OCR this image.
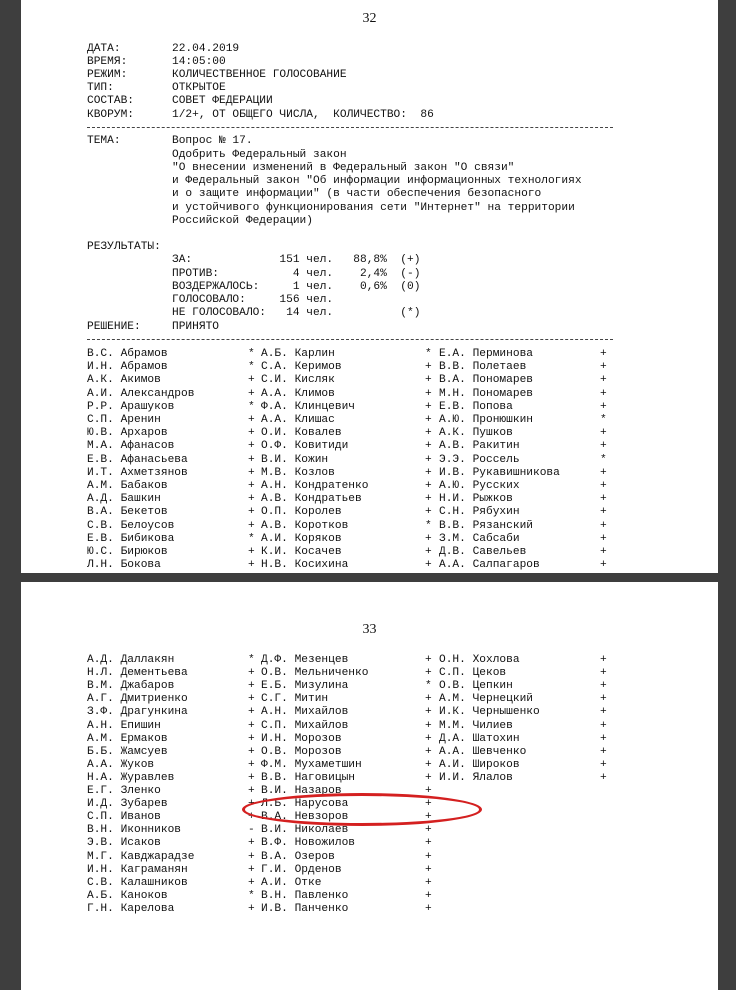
32
ДАТА:	22.04.2019
ВРЕМЯ:	14:05:00
РЕЖИМ:	КОЛИЧЕСТВЕННОЕ ГОЛОСОВАНИЕ
ТИП:	ОТКРЫТОЕ
СОСТАВ:	СОВЕТ ФЕДЕРАЦИИ
КВОРУМ:	1/2+, ОТ ОБЩЕГО ЧИСЛА,  КОЛИЧЕСТВО:  86
ТЕМА:	Вопрос № 17.
Одобрить Федеральный закон
"О внесении изменений в Федеральный закон "О связи"
и Федеральный закон "Об информации информационных технологиях
и о защите информации" (в части обеспечения безопасного
и устойчивого функционирования сети "Интернет" на территории
Российской Федерации)
РЕЗУЛЬТАТЫ:
ЗА:             151 чел.   88,8%  (+)
ПРОТИВ:           4 чел.    2,4%  (-)
ВОЗДЕРЖАЛОСЬ:     1 чел.    0,6%  (0)
ГОЛОСОВАЛО:     156 чел.
НЕ ГОЛОСОВАЛО:   14 чел.          (*)
РЕШЕНИЕ:	ПРИНЯТО
В.С. Абрамов	* А.Б. Карлин	* Е.А. Перминова	+
И.Н. Абрамов	* С.А. Керимов	+ В.В. Полетаев	+
А.К. Акимов	+ С.И. Кисляк	+ В.А. Пономарев	+
А.И. Александров	+ А.А. Климов	+ М.Н. Пономарев	+
Р.Р. Арашуков	* Ф.А. Клинцевич	+ Е.В. Попова	+
С.П. Аренин	+ А.А. Клишас	+ А.Ю. Пронюшкин	*
Ю.В. Архаров	+ О.И. Ковалев	+ А.К. Пушков	+
М.А. Афанасов	+ О.Ф. Ковитиди	+ А.В. Ракитин	+
Е.В. Афанасьева	+ В.И. Кожин	+ Э.Э. Россель	*
И.Т. Ахметзянов	+ М.В. Козлов	+ И.В. Рукавишникова	+
А.М. Бабаков	+ А.Н. Кондратенко	+ А.Ю. Русских	+
А.Д. Башкин	+ А.В. Кондратьев	+ Н.И. Рыжков	+
В.А. Бекетов	+ О.П. Королев	+ С.Н. Рябухин	+
С.В. Белоусов	+ А.В. Коротков	* В.В. Рязанский	+
Е.В. Бибикова	* А.И. Коряков	+ З.М. Сабсаби	+
Ю.С. Бирюков	+ К.И. Косачев	+ Д.В. Савельев	+
Л.Н. Бокова	+ Н.В. Косихина	+ А.А. Салпагаров	+
33
А.Д. Даллакян	* Д.Ф. Мезенцев	+ О.Н. Хохлова	+
Н.Л. Дементьева	+ О.В. Мельниченко	+ С.П. Цеков	+
В.М. Джабаров	+ Е.Б. Мизулина	* О.В. Цепкин	+
А.Г. Дмитриенко	+ С.Г. Митин	+ А.М. Чернецкий	+
З.Ф. Драгункина	+ А.Н. Михайлов	+ И.К. Чернышенко	+
А.Н. Епишин	+ С.П. Михайлов	+ М.М. Чилиев	+
А.М. Ермаков	+ И.Н. Морозов	+ Д.А. Шатохин	+
Б.Б. Жамсуев	+ О.В. Морозов	+ А.А. Шевченко	+
А.А. Жуков	+ Ф.М. Мухаметшин	+ А.И. Широков	+
Н.А. Журавлев	+ В.В. Наговицын	+ И.И. Ялалов	+
Е.Г. Зленко	+ В.И. Назаров	+
И.Д. Зубарев	+ Л.Б. Нарусова	+
С.П. Иванов	+ В.А. Невзоров	+
В.Н. Иконников	- В.И. Николаев	+
Э.В. Исаков	+ В.Ф. Новожилов	+
М.Г. Кавджарадзе	+ В.А. Озеров	+
И.Н. Каграманян	+ Г.И. Орденов	+
С.В. Калашников	+ А.И. Отке	+
А.Б. Каноков	* В.Н. Павленко	+
Г.Н. Карелова	+ И.В. Панченко	+
